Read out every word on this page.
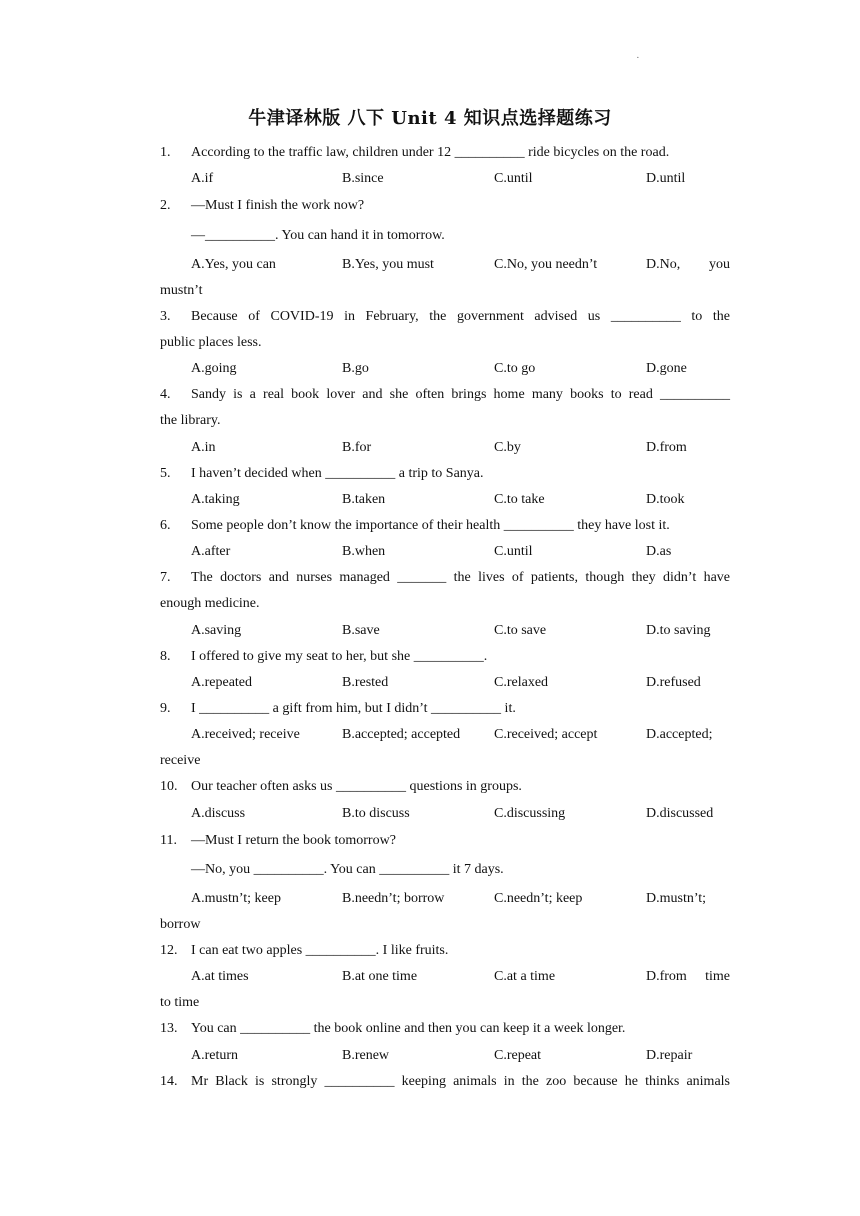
·
牛津译林版 八下 Unit 4 知识点选择题练习
1. According to the traffic law, children under 12 __________ ride bicycles on the road.
A.if	B.since	C.until	D.until
2. —Must I finish the work now?
—__________. You can hand it in tomorrow.
A.Yes, you can	B.Yes, you must	C.No, you needn’t	D.No, you
mustn’t
3. Because of COVID-19 in February, the government advised us __________ to the
public places less.
A.going	B.go	C.to go	D.gone
4. Sandy is a real book lover and she often brings home many books to read __________
the library.
A.in	B.for	C.by	D.from
5. I haven’t decided when __________ a trip to Sanya.
A.taking	B.taken	C.to take	D.took
6. Some people don’t know the importance of their health __________ they have lost it.
A.after	B.when	C.until	D.as
7. The doctors and nurses managed _______ the lives of patients, though they didn’t have
enough medicine.
A.saving	B.save	C.to save	D.to saving
8. I offered to give my seat to her, but she __________.
A.repeated	B.rested	C.relaxed	D.refused
9. I __________ a gift from him, but I didn’t __________ it.
A.received; receive	B.accepted; accepted C.received; accept	D.accepted;
receive
10. Our teacher often asks us __________ questions in groups.
A.discuss	B.to discuss	C.discussing	D.discussed
11. —Must I return the book tomorrow?
—No, you __________. You can __________ it 7 days.
A.mustn’t; keep	B.needn’t; borrow	C.needn’t; keep	D.mustn’t;
borrow
12. I can eat two apples __________. I like fruits.
A.at times	B.at one time	C.at a time	D.from time
to time
13. You can __________ the book online and then you can keep it a week longer.
A.return	B.renew	C.repeat	D.repair
14. Mr Black is strongly __________ keeping animals in the zoo because he thinks animals
